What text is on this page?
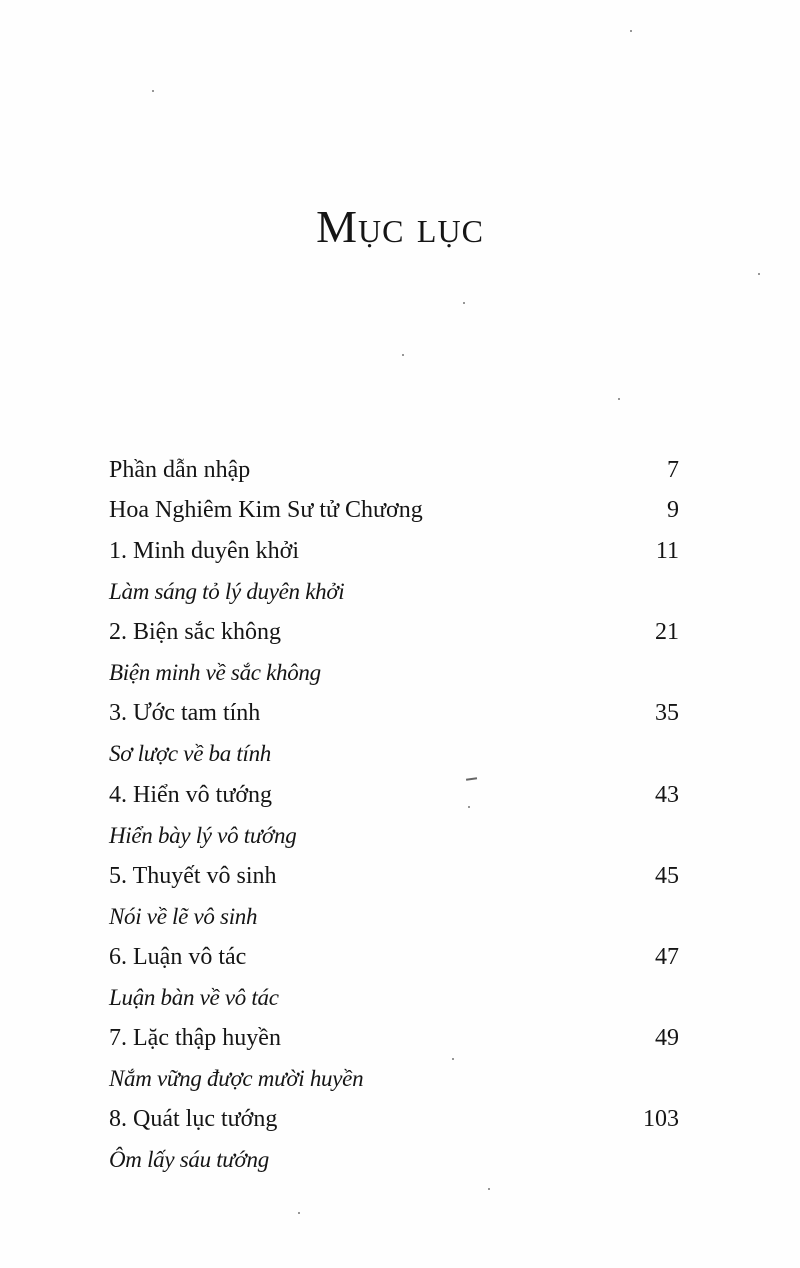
Mục lục
Phần dẫn nhập	7
Hoa Nghiêm Kim Sư tử Chương	9
1. Minh duyên khởi	11
Làm sáng tỏ lý duyên khởi
2. Biện sắc không	21
Biện minh về sắc không
3. Ước tam tính	35
Sơ lược về ba tính
4. Hiển vô tướng	43
Hiển bày lý vô tướng
5. Thuyết vô sinh	45
Nói về lẽ vô sinh
6. Luận vô tác	47
Luận bàn về vô tác
7. Lặc thập huyền	49
Nắm vững được mười huyền
8. Quát lục tướng	103
Ôm lấy sáu tướng
